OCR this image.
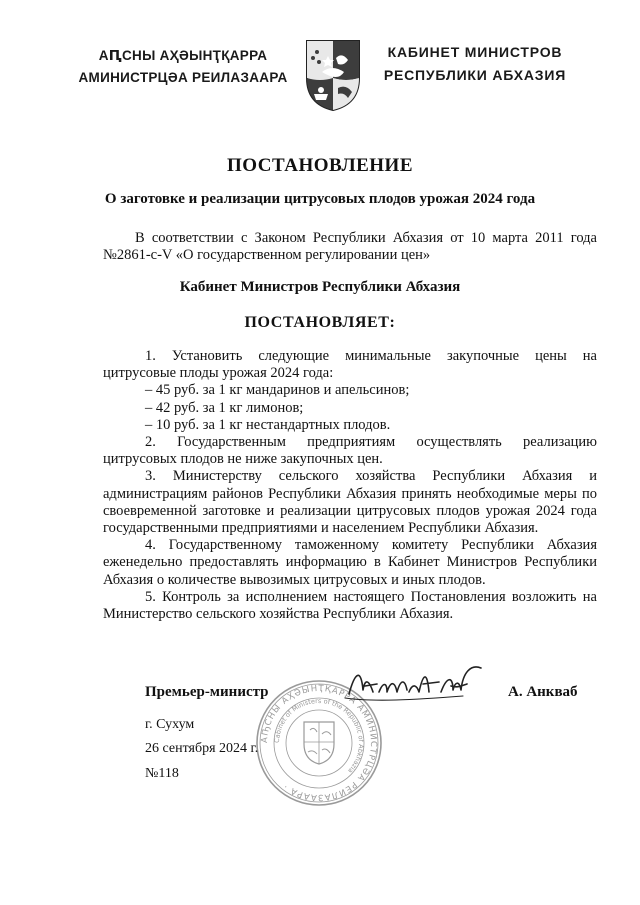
АԤСНЫ АҲӘЫНҬҚАРРА
АМИНИСТРЦӘА РЕИЛАЗААРА
КАБИНЕТ МИНИСТРОВ
РЕСПУБЛИКИ АБХАЗИЯ
ПОСТАНОВЛЕНИЕ
О заготовке и реализации цитрусовых плодов урожая 2024 года
В соответствии с Законом Республики Абхазия от 10 марта 2011 года №2861-с-V «О государственном регулировании цен»
Кабинет Министров Республики Абхазия
ПОСТАНОВЛЯЕТ:

1. Установить следующие минимальные закупочные цены на цитрусовые плоды урожая 2024 года:

– 45 руб. за 1 кг мандаринов и апельсинов;

– 42 руб. за 1 кг лимонов;

– 10 руб. за 1 кг нестандартных плодов.

2. Государственным предприятиям осуществлять реализацию цитрусовых плодов не ниже закупочных цен.

3. Министерству сельского хозяйства Республики Абхазия и администрациям районов Республики Абхазия принять необходимые меры по своевременной заготовке и реализации цитрусовых плодов урожая 2024 года государственными предприятиями и населением Республики Абхазия.

4. Государственному таможенному комитету Республики Абхазия еженедельно предоставлять информацию в Кабинет Министров Республики Абхазия о количестве вывозимых цитрусовых и иных плодов.

5. Контроль за исполнением настоящего Постановления возложить на Министерство сельского хозяйства Республики Абхазия.

АҦСНЫ АҲӘЫНҬҚАРРА АМИНИСТРЦӘА РЕИЛАЗААРА ·
Cabinet of Ministers of the Republic of Abkhazia
Премьер-министр	А. Анкваб
г. Сухум
26 сентября 2024 г.
№118
